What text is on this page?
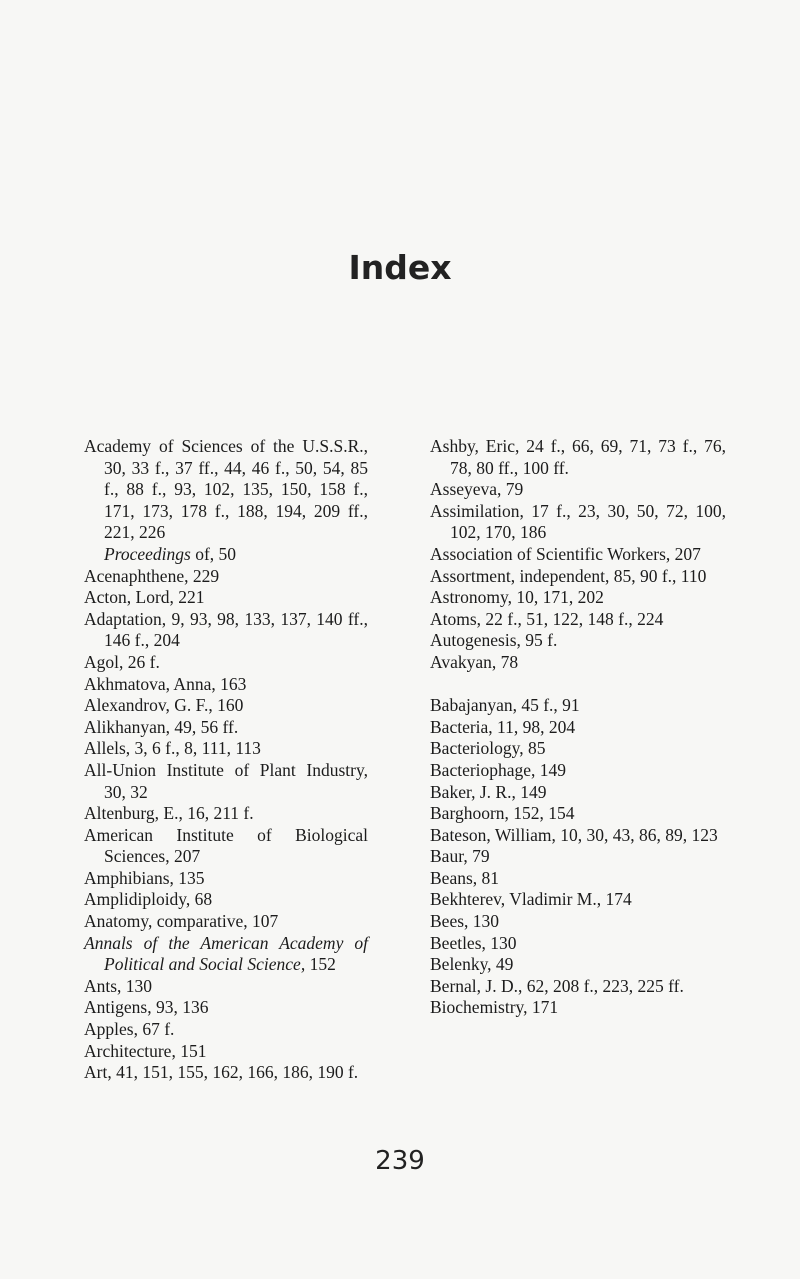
Index
Academy of Sciences of the U.S.S.R., 30, 33 f., 37 ff., 44, 46 f., 50, 54, 85 f., 88 f., 93, 102, 135, 150, 158 f., 171, 173, 178 f., 188, 194, 209 ff., 221, 226
Proceedings of, 50
Acenaphthene, 229
Acton, Lord, 221
Adaptation, 9, 93, 98, 133, 137, 140 ff., 146 f., 204
Agol, 26 f.
Akhmatova, Anna, 163
Alexandrov, G. F., 160
Alikhanyan, 49, 56 ff.
Allels, 3, 6 f., 8, 111, 113
All-Union Institute of Plant Industry, 30, 32
Altenburg, E., 16, 211 f.
American Institute of Biological Sciences, 207
Amphibians, 135
Amplidiploidy, 68
Anatomy, comparative, 107
Annals of the American Academy of Political and Social Science, 152
Ants, 130
Antigens, 93, 136
Apples, 67 f.
Architecture, 151
Art, 41, 151, 155, 162, 166, 186, 190 f.
Ashby, Eric, 24 f., 66, 69, 71, 73 f., 76, 78, 80 ff., 100 ff.
Asseyeva, 79
Assimilation, 17 f., 23, 30, 50, 72, 100, 102, 170, 186
Association of Scientific Workers, 207
Assortment, independent, 85, 90 f., 110
Astronomy, 10, 171, 202
Atoms, 22 f., 51, 122, 148 f., 224
Autogenesis, 95 f.
Avakyan, 78
Babajanyan, 45 f., 91
Bacteria, 11, 98, 204
Bacteriology, 85
Bacteriophage, 149
Baker, J. R., 149
Barghoorn, 152, 154
Bateson, William, 10, 30, 43, 86, 89, 123
Baur, 79
Beans, 81
Bekhterev, Vladimir M., 174
Bees, 130
Beetles, 130
Belenky, 49
Bernal, J. D., 62, 208 f., 223, 225 ff.
Biochemistry, 171
239
